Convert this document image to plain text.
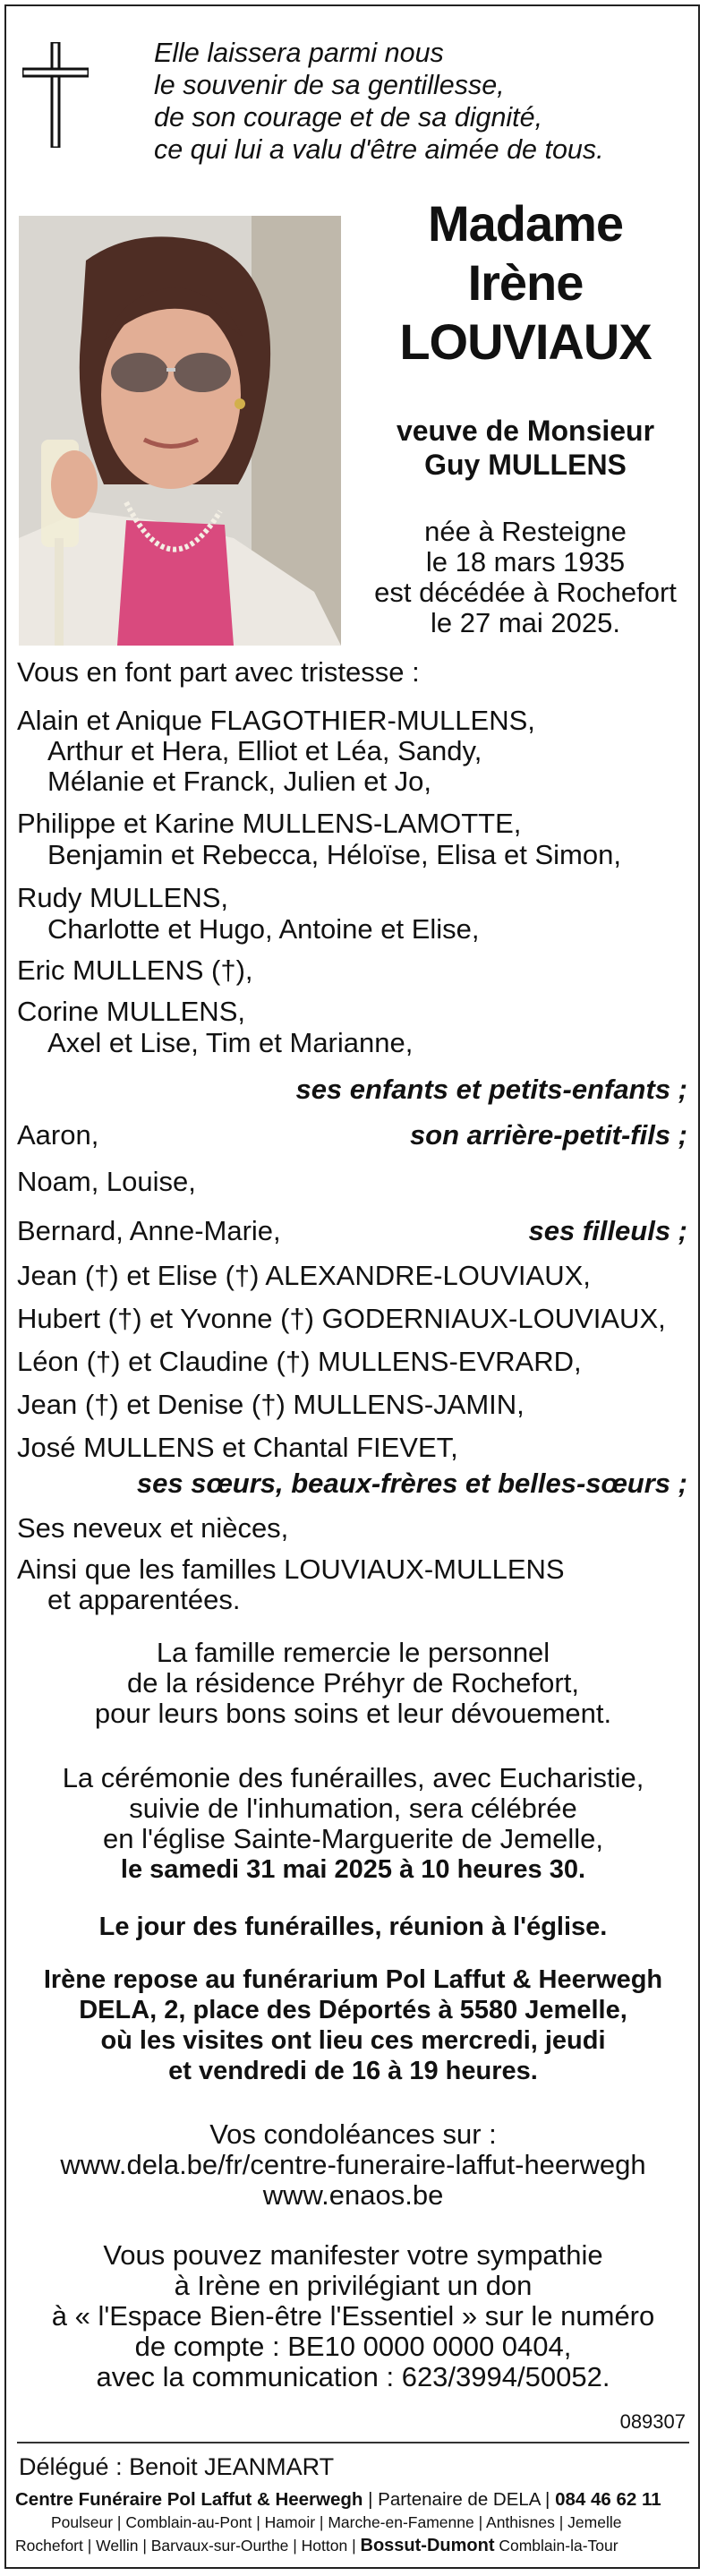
Elle laissera parmi nous
le souvenir de sa gentillesse,
de son courage et de sa dignité,
ce qui lui a valu d'être aimée de tous.

Madame
Irène
LOUVIAUX
veuve de Monsieur
Guy MULLENS
née à Resteigne
le 18 mars 1935
est décédée à Rochefort
le 27 mai 2025.
Vous en font part avec tristesse :
Alain et Anique FLAGOTHIER-MULLENS,
Arthur et Hera, Elliot et Léa, Sandy,
Mélanie et Franck, Julien et Jo,
Philippe et Karine MULLENS-LAMOTTE,
Benjamin et Rebecca, Héloïse, Elisa et Simon,
Rudy MULLENS,
Charlotte et Hugo, Antoine et Elise,
Eric MULLENS (†),
Corine MULLENS,
Axel et Lise, Tim et Marianne,
ses enfants et petits-enfants ;
Aaron,	son arrière-petit-fils ;
Noam, Louise,
Bernard, Anne-Marie,	ses filleuls ;
Jean (†) et Elise (†) ALEXANDRE-LOUVIAUX,
Hubert (†) et Yvonne (†) GODERNIAUX-LOUVIAUX,
Léon (†) et Claudine (†) MULLENS-EVRARD,
Jean (†) et Denise (†) MULLENS-JAMIN,
José MULLENS et Chantal FIEVET,
ses sœurs, beaux-frères et belles-sœurs ;
Ses neveux et nièces,
Ainsi que les familles LOUVIAUX-MULLENS
et apparentées.
La famille remercie le personnel
de la résidence Préhyr de Rochefort,
pour leurs bons soins et leur dévouement.
La cérémonie des funérailles, avec Eucharistie,
suivie de l'inhumation, sera célébrée
en l'église Sainte-Marguerite de Jemelle,
le samedi 31 mai 2025 à 10 heures 30.
Le jour des funérailles, réunion à l'église.
Irène repose au funérarium Pol Laffut & Heerwegh
DELA, 2, place des Déportés à 5580 Jemelle,
où les visites ont lieu ces mercredi, jeudi
et vendredi de 16 à 19 heures.
Vos condoléances sur :
www.dela.be/fr/centre-funeraire-laffut-heerwegh
www.enaos.be
Vous pouvez manifester votre sympathie
à Irène en privilégiant un don
à « l'Espace Bien-être l'Essentiel » sur le numéro
de compte : BE10 0000 0000 0404,
avec la communication : 623/3994/50052.
089307
Délégué : Benoit JEANMART
Centre Funéraire Pol Laffut & Heerwegh | Partenaire de DELA | 084 46 62 11
Poulseur | Comblain-au-Pont | Hamoir | Marche-en-Famenne | Anthisnes | Jemelle
Rochefort | Wellin | Barvaux-sur-Ourthe | Hotton | Bossut-Dumont Comblain-la-Tour
